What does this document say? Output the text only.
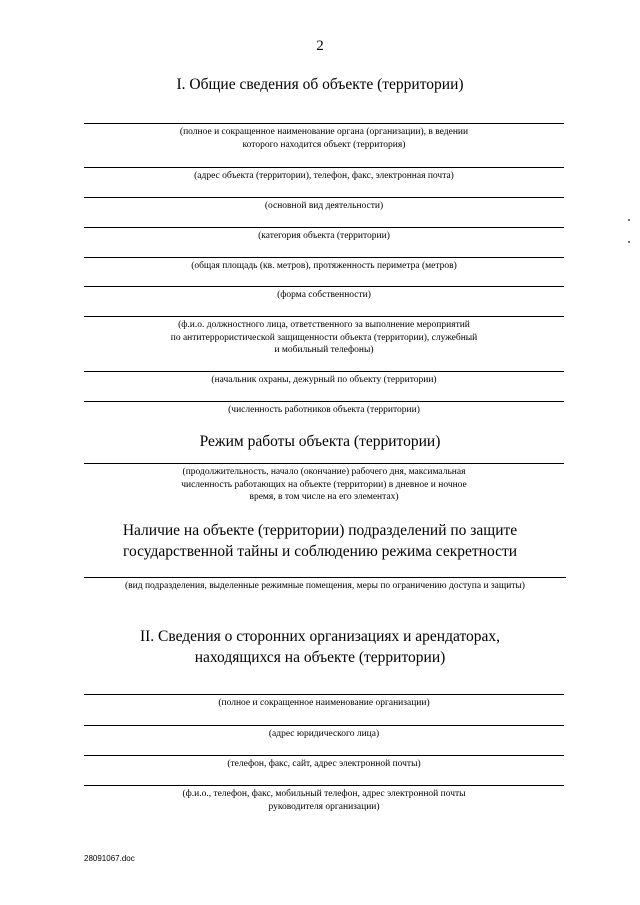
2
I. Общие сведения об объекте (территории)
(полное и сокращенное наименование органа (организации), в ведении
которого находится объект (территория)
(адрес объекта (территории), телефон, факс, электронная почта)
(основной вид деятельности)
(категория объекта (территории)
(общая площадь (кв. метров), протяженность периметра (метров)
(форма собственности)
(ф.и.о. должностного лица, ответственного за выполнение мероприятий
по антитеррористической защищенности объекта (территории), служебный
и мобильный телефоны)
(начальник охраны, дежурный по объекту (территории)
(численность работников объекта (территории)
Режим работы объекта (территории)
(продолжительность, начало (окончание) рабочего дня, максимальная
численность работающих на объекте (территории) в дневное и ночное
время, в том числе на его элементах)
Наличие на объекте (территории) подразделений по защите
государственной тайны и соблюдению режима секретности
(вид подразделения, выделенные режимные помещения, меры по ограничению доступа и защиты)
II. Сведения о сторонних организациях и арендаторах,
находящихся на объекте (территории)
(полное и сокращенное наименование организации)
(адрес юридического лица)
(телефон, факс, сайт, адрес электронной почты)
(ф.и.о., телефон, факс, мобильный телефон, адрес электронной почты
руководителя организации)
28091067.doc
